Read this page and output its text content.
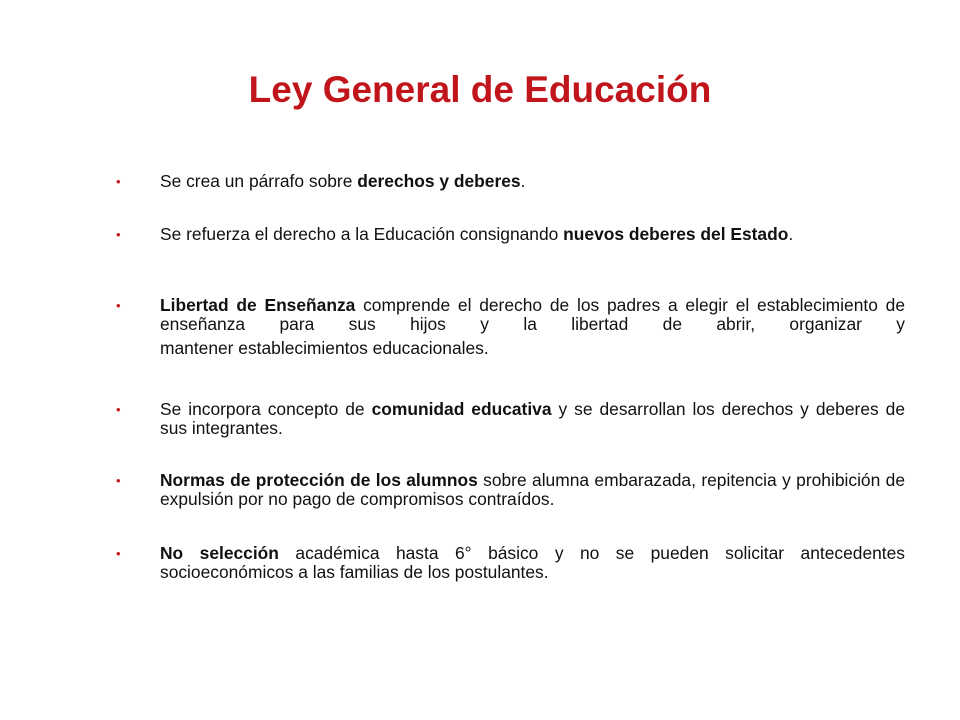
Ley General de Educación
• Se crea un párrafo sobre derechos y deberes.

• Se refuerza el derecho a la Educación consignando nuevos deberes del Estado.

• Libertad de Enseñanza comprende el derecho de los padres a elegir el establecimiento de enseñanza para sus hijos y la libertad de abrir, organizar y mantener establecimientos educacionales.

• Se incorpora concepto de comunidad educativa y se desarrollan los derechos y deberes de sus integrantes.

• Normas de protección de los alumnos sobre alumna embarazada, repitencia y prohibición de expulsión por no pago de compromisos contraídos.

• No selección académica hasta 6° básico y no se pueden solicitar antecedentes socioeconómicos a las familias de los postulantes.
